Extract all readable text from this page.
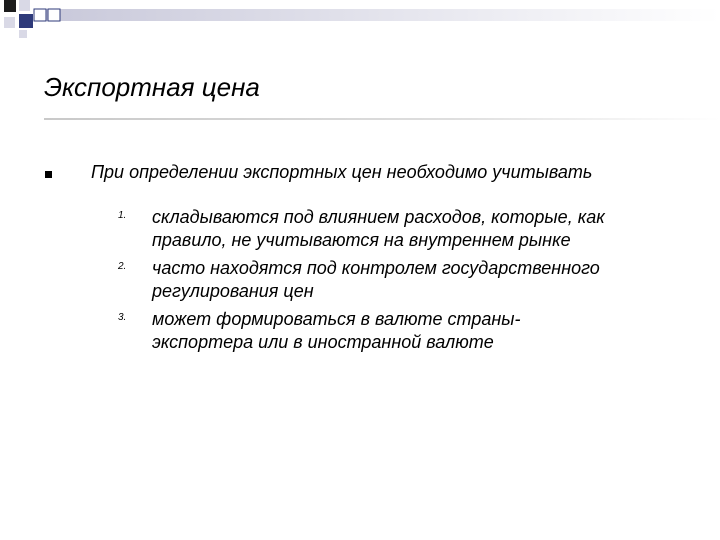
Экспортная цена
При определении экспортных цен необходимо учитывать
1. складываются под влиянием расходов, которые, как правило, не учитываются на внутреннем рынке
2. часто находятся под контролем государственного регулирования цен
3. может формироваться в валюте страны-экспортера или в иностранной валюте
